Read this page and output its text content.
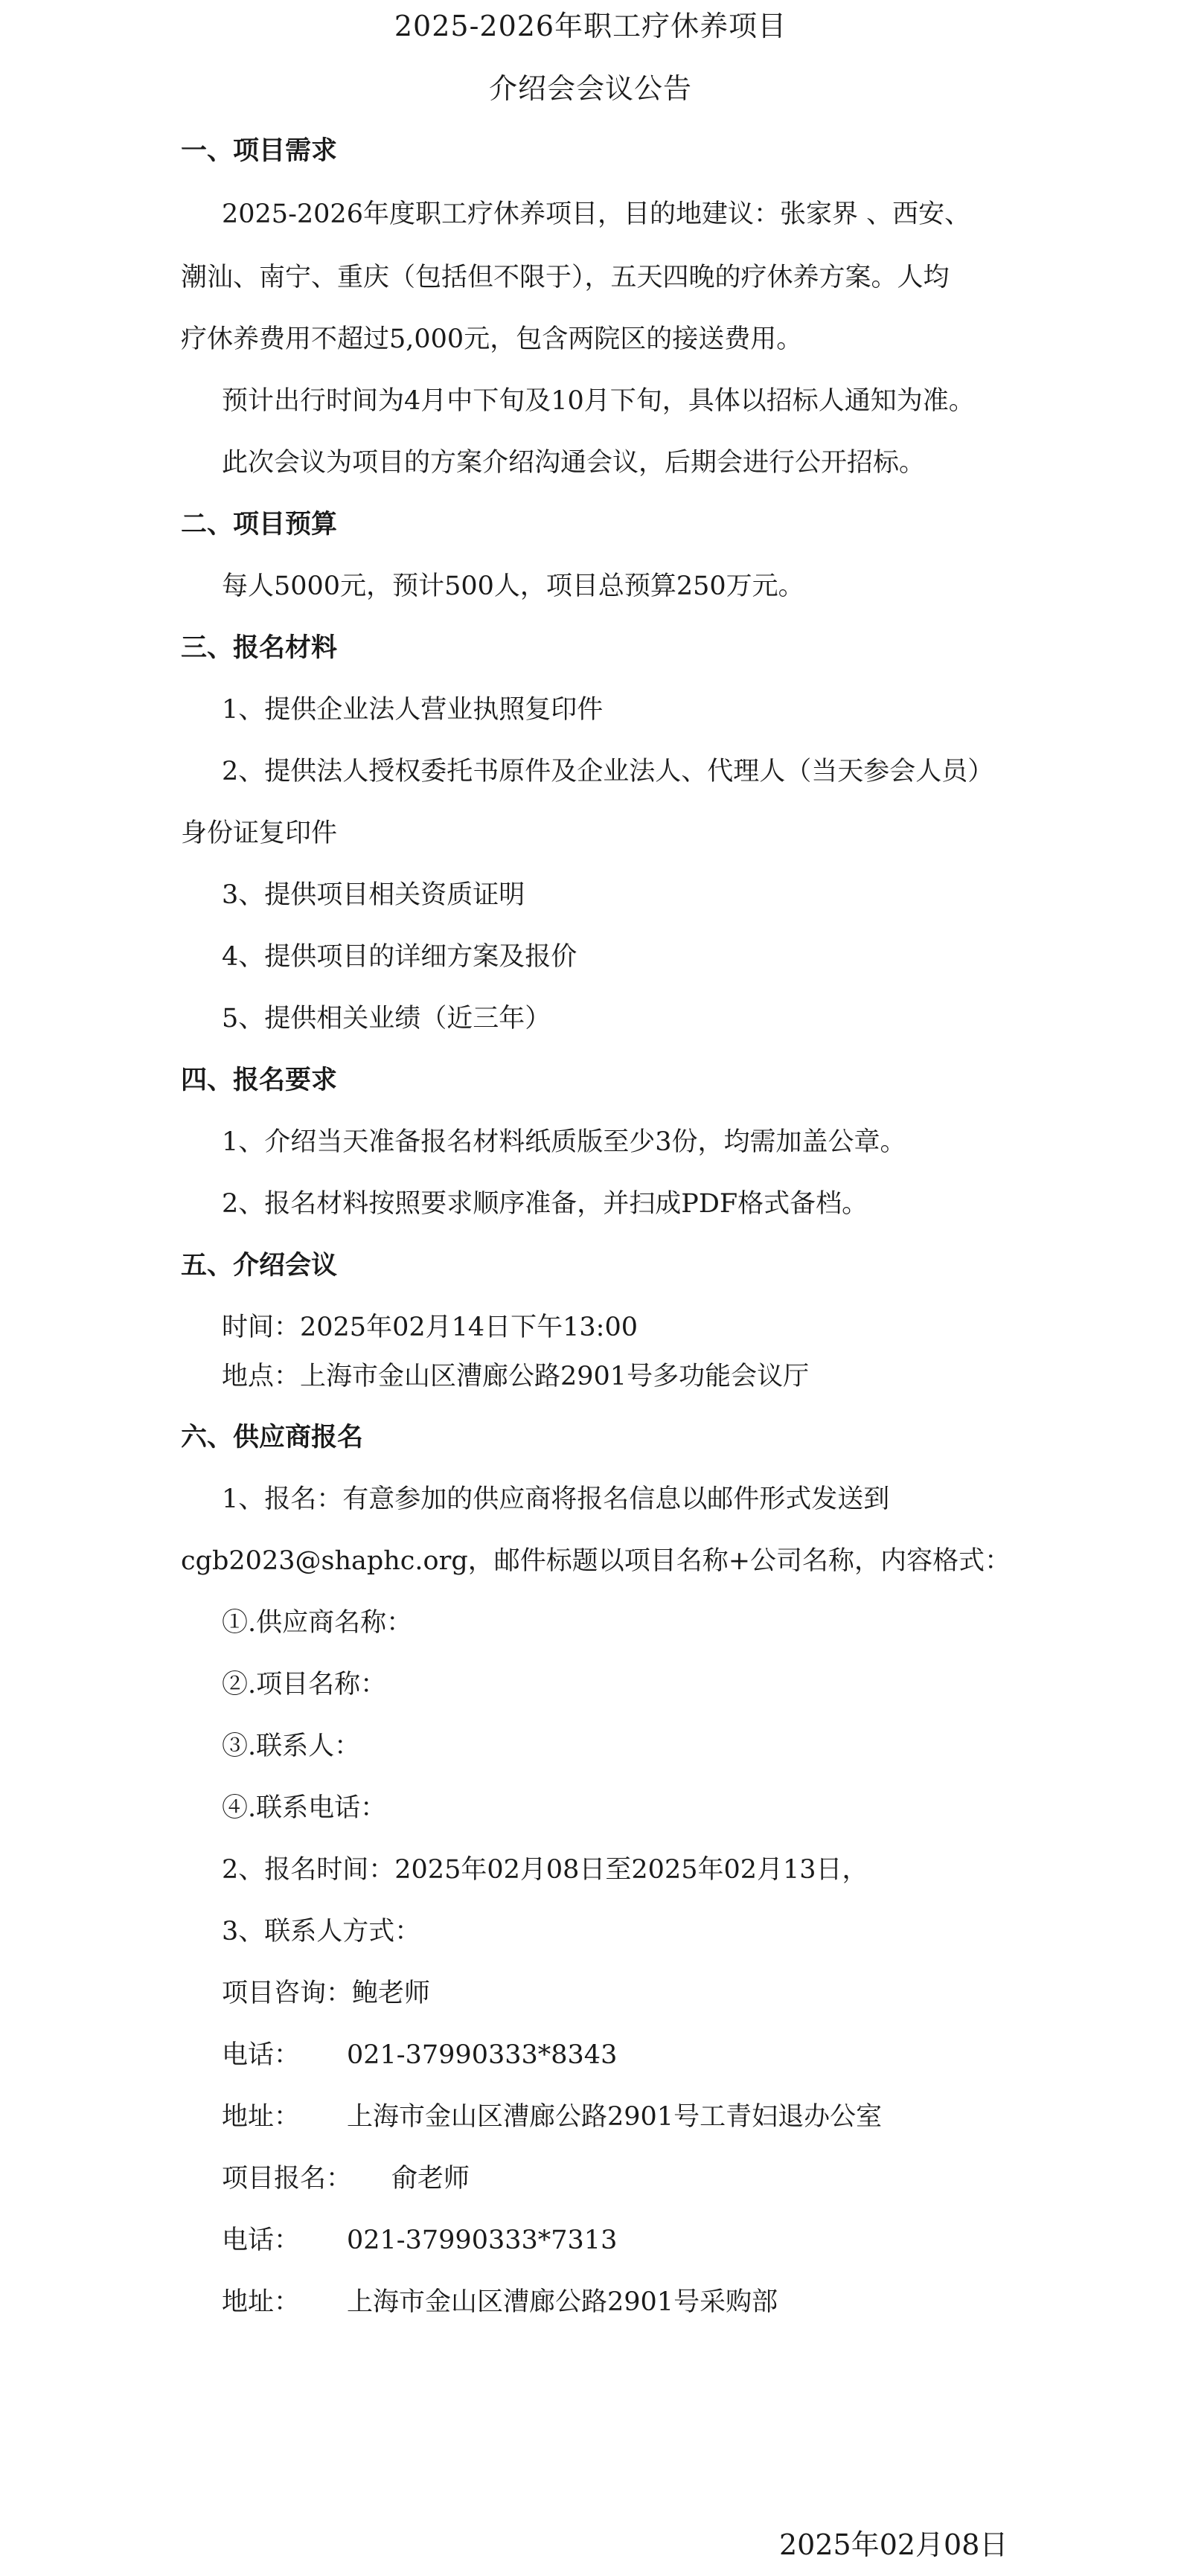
2025-2026年职工疗休养项目
介绍会会议公告
一、项目需求
2025-2026年度职工疗休养项目，目的地建议：张家界 、西安、
潮汕、南宁、重庆（包括但不限于），五天四晚的疗休养方案。人均
疗休养费用不超过5,000元，包含两院区的接送费用。
预计出行时间为4月中下旬及10月下旬，具体以招标人通知为准。
此次会议为项目的方案介绍沟通会议，后期会进行公开招标。
二、项目预算
每人5000元，预计500人，项目总预算250万元。
三、报名材料
1、提供企业法人营业执照复印件
2、提供法人授权委托书原件及企业法人、代理人（当天参会人员）
身份证复印件
3、提供项目相关资质证明
4、提供项目的详细方案及报价
5、提供相关业绩（近三年）
四、报名要求
1、介绍当天准备报名材料纸质版至少3份，均需加盖公章。
2、报名材料按照要求顺序准备，并扫成PDF格式备档。
五、介绍会议
时间：2025年02月14日下午13:00
地点：上海市金山区漕廊公路2901号多功能会议厅
六、供应商报名
1、报名：有意参加的供应商将报名信息以邮件形式发送到
cgb2023@shaphc.org，邮件标题以项目名称+公司名称，内容格式：
①.供应商名称：
②.项目名称：
③.联系人：
④.联系电话：
2、报名时间：2025年02月08日至2025年02月13日，
3、联系人方式：
项目咨询：鲍老师
电话： 021-37990333*8343
地址： 上海市金山区漕廊公路2901号工青妇退办公室
项目报名： 俞老师
电话： 021-37990333*7313
地址： 上海市金山区漕廊公路2901号采购部
2025年02月08日
